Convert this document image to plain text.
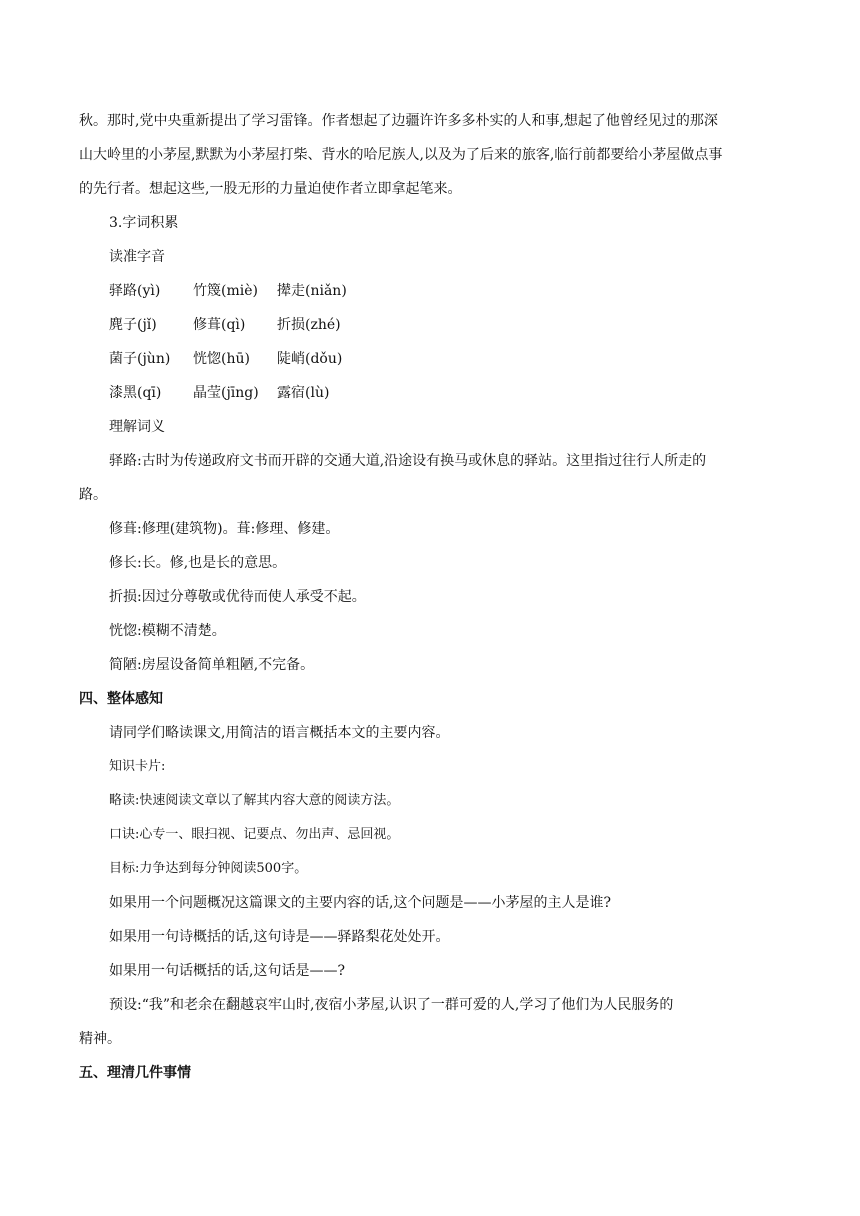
秋。那时,党中央重新提出了学习雷锋。作者想起了边疆许许多多朴实的人和事,想起了他曾经见过的那深

山大岭里的小茅屋,默默为小茅屋打柴、背水的哈尼族人,以及为了后来的旅客,临行前都要给小茅屋做点事

的先行者。想起这些,一股无形的力量迫使作者立即拿起笔来。

3.字词积累

读准字音

驿路(yì)	竹篾(miè)	撵走(niǎn)
麂子(jǐ)	修葺(qì)	折损(zhé)
菌子(jùn)	恍惚(hū)	陡峭(dǒu)
漆黑(qī)	晶莹(jīng)	露宿(lù)

理解词义

驿路:古时为传递政府文书而开辟的交通大道,沿途设有换马或休息的驿站。这里指过往行人所走的

路。

修葺:修理(建筑物)。葺:修理、修建。

修长:长。修,也是长的意思。

折损:因过分尊敬或优待而使人承受不起。

恍惚:模糊不清楚。

简陋:房屋设备简单粗陋,不完备。

四、整体感知

请同学们略读课文,用简洁的语言概括本文的主要内容。

知识卡片:

略读:快速阅读文章以了解其内容大意的阅读方法。

口诀:心专一、眼扫视、记要点、勿出声、忌回视。

目标:力争达到每分钟阅读500字。

如果用一个问题概况这篇课文的主要内容的话,这个问题是——小茅屋的主人是谁?

如果用一句诗概括的话,这句诗是——驿路梨花处处开。

如果用一句话概括的话,这句话是——?

预设:“我”和老余在翻越哀牢山时,夜宿小茅屋,认识了一群可爱的人,学习了他们为人民服务的

精神。

五、理清几件事情
